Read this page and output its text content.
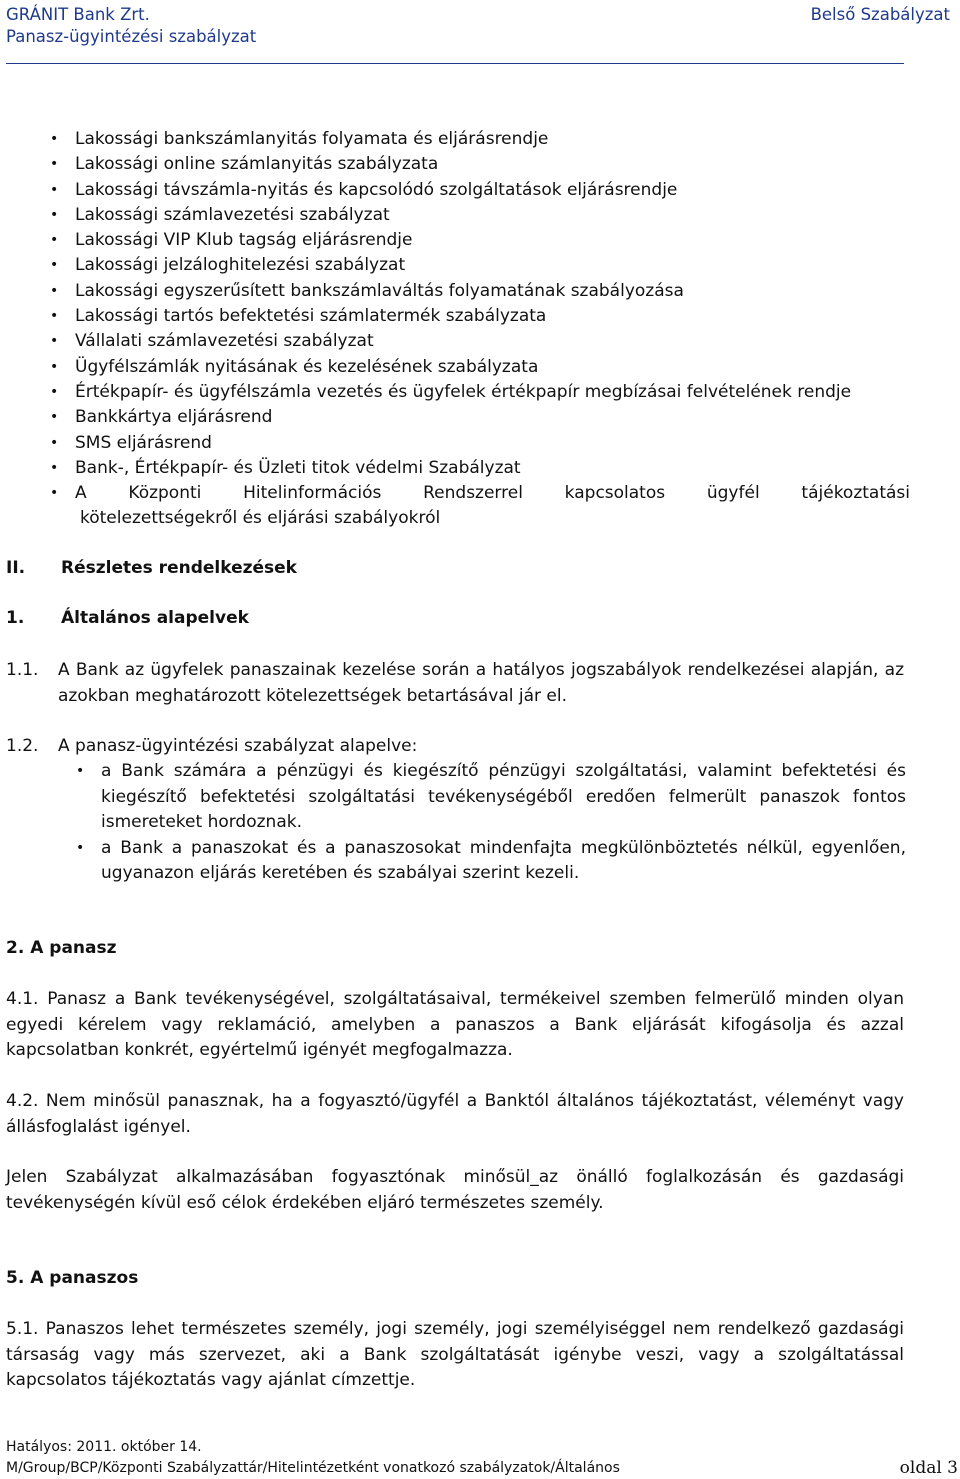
GRÁNIT Bank Zrt.
Panasz-ügyintézési szabályzat
Belső Szabályzat
• Lakossági bankszámlanyitás folyamata és eljárásrendje
• Lakossági online számlanyitás szabályzata
• Lakossági távszámla-nyitás és kapcsolódó szolgáltatások eljárásrendje
• Lakossági számlavezetési szabályzat
• Lakossági VIP Klub tagság eljárásrendje
• Lakossági jelzáloghitelezési szabályzat
• Lakossági egyszerűsített bankszámlaváltás folyamatának szabályozása
• Lakossági tartós befektetési számlatermék szabályzata
• Vállalati számlavezetési szabályzat
• Ügyfélszámlák nyitásának és kezelésének szabályzata
• Értékpapír- és ügyfélszámla vezetés és ügyfelek értékpapír megbízásai felvételének rendje
• Bankkártya eljárásrend
• SMS eljárásrend
• Bank-, Értékpapír- és Üzleti titok védelmi Szabályzat
• A Központi Hitelinformációs Rendszerrel kapcsolatos ügyfél tájékoztatási
kötelezettségekről és eljárási szabályokról
II. Részletes rendelkezések
1. Általános alapelvek
1.1. A Bank az ügyfelek panaszainak kezelése során a hatályos jogszabályok rendelkezései alapján, az azokban meghatározott kötelezettségek betartásával jár el.
1.2. A panasz-ügyintézési szabályzat alapelve:
• a Bank számára a pénzügyi és kiegészítő pénzügyi szolgáltatási, valamint befektetési és kiegészítő befektetési szolgáltatási tevékenységéből eredően felmerült panaszok fontos ismereteket hordoznak.
• a Bank a panaszokat és a panaszosokat mindenfajta megkülönböztetés nélkül, egyenlően, ugyanazon eljárás keretében és szabályai szerint kezeli.
2. A panasz
4.1. Panasz a Bank tevékenységével, szolgáltatásaival, termékeivel szemben felmerülő minden olyan egyedi kérelem vagy reklamáció, amelyben a panaszos a Bank eljárását kifogásolja és azzal kapcsolatban konkrét, egyértelmű igényét megfogalmazza.
4.2. Nem minősül panasznak, ha a fogyasztó/ügyfél a Banktól általános tájékoztatást, véleményt vagy állásfoglalást igényel.
Jelen Szabályzat alkalmazásában fogyasztónak minősül_az önálló foglalkozásán és gazdasági tevékenységén kívül eső célok érdekében eljáró természetes személy.
5. A panaszos
5.1. Panaszos lehet természetes személy, jogi személy, jogi személyiséggel nem rendelkező gazdasági társaság vagy más szervezet, aki a Bank szolgáltatását igénybe veszi, vagy a szolgáltatással kapcsolatos tájékoztatás vagy ajánlat címzettje.
Hatályos: 2011. október 14.
M/Group/BCP/Központi Szabályzattár/Hitelintézetként vonatkozó szabályzatok/Általános	oldal 3
